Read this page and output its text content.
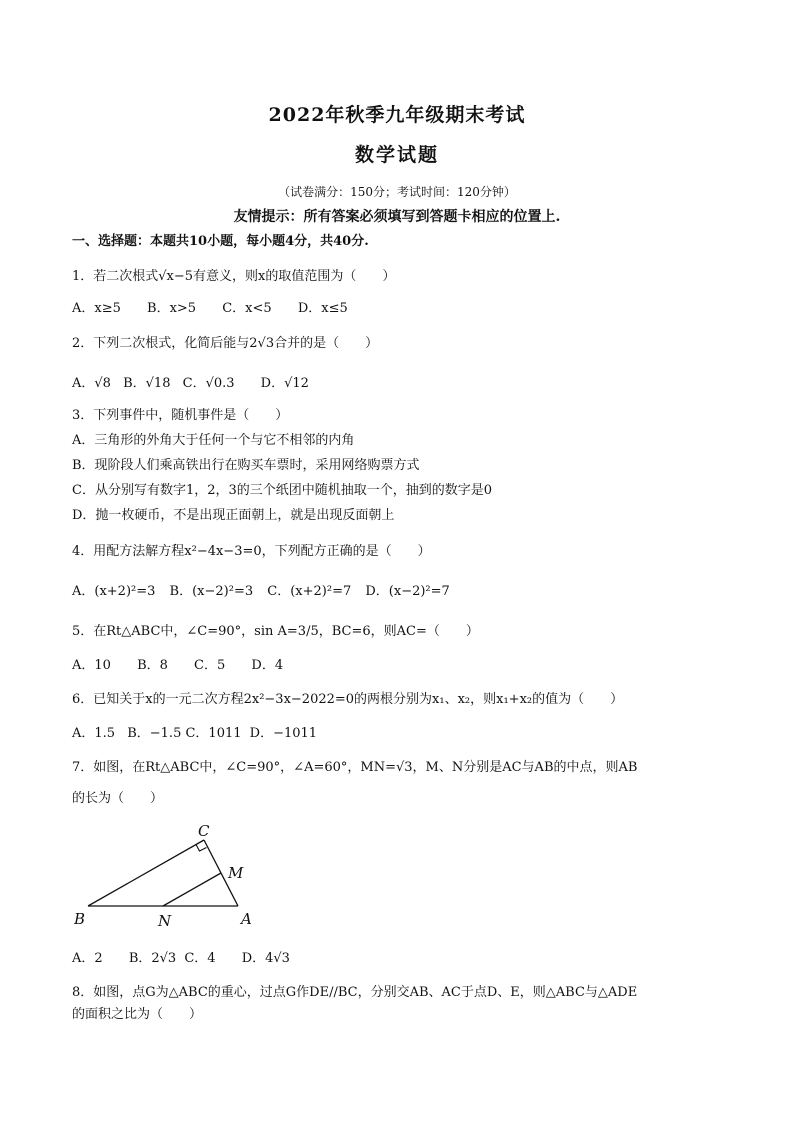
2022年秋季九年级期末考试
数学试题
（试卷满分：150分；考试时间：120分钟）
友情提示：所有答案必须填写到答题卡相应的位置上.
一、选择题：本题共10小题，每小题4分，共40分.
1．若二次根式√x−5有意义，则x的取值范围为（　　）
A．x≥5 B．x>5 C．x<5 D．x≤5
2．下列二次根式，化简后能与2√3合并的是（　　）
A．√8 B．√18 C．√0.3 D．√12
3．下列事件中，随机事件是（　　）
A．三角形的外角大于任何一个与它不相邻的内角
B．现阶段人们乘高铁出行在购买车票时，采用网络购票方式
C．从分别写有数字1，2，3的三个纸团中随机抽取一个，抽到的数字是0
D．抛一枚硬币，不是出现正面朝上，就是出现反面朝上
4．用配方法解方程x²−4x−3=0，下列配方正确的是（　　）
A．(x+2)²=3 B．(x−2)²=3 C．(x+2)²=7 D．(x−2)²=7
5．在Rt△ABC中，∠C=90°，sin A=3/5，BC=6，则AC=（　　）
A．10 B．8 C．5 D．4
6．已知关于x的一元二次方程2x²−3x−2022=0的两根分别为x₁、x₂，则x₁+x₂的值为（　　）
A．1.5 B．−1.5 C．1011 D．−1011
7．如图，在Rt△ABC中，∠C=90°，∠A=60°，MN=√3，M、N分别是AC与AB的中点，则AB
的长为（　　）
C
M
B	N	A
A．2 B．2√3 C．4 D．4√3
8．如图，点G为△ABC的重心，过点G作DE//BC，分别交AB、AC于点D、E，则△ABC与△ADE
的面积之比为（　　）
